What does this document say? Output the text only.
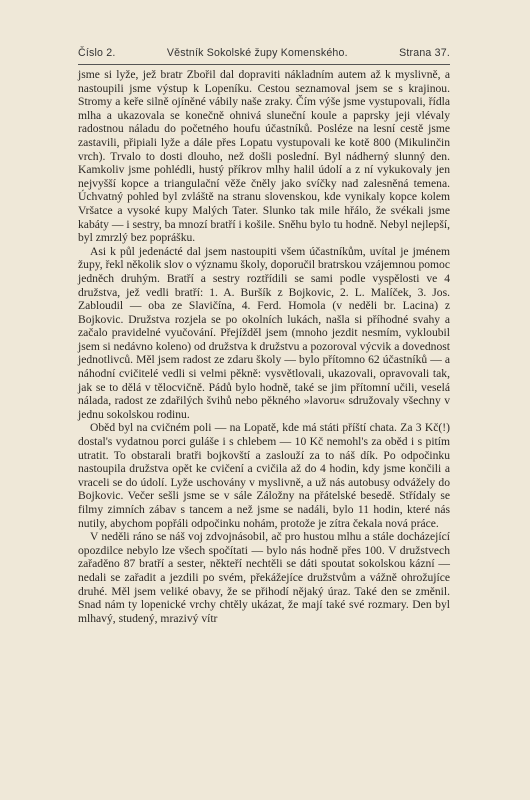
Číslo 2.	Věstník Sokolské župy Komenského.	Strana 37.

jsme si lyže, jež bratr Zbořil dal dopraviti nákladním autem až k myslivně, a nastoupili jsme výstup k Lopeníku. Cestou seznamoval jsem se s krajinou. Stromy a keře silně ojíněné vábily naše zraky. Čím výše jsme vystupovali, řídla mlha a ukazovala se konečně ohnivá sluneční koule a paprsky jeji vlévaly radostnou náladu do početného houfu účastníků. Posléze na lesní cestě jsme zastavili, připiali lyže a dále přes Lopatu vystupovali ke kotě 800 (Mikulinčin vrch). Trvalo to dosti dlouho, než došli poslední. Byl nádherný slunný den. Kamkoliv jsme pohlédli, hustý příkrov mlhy halil údolí a z ní vykukovaly jen nejvyšší kopce a triangulační věže čněly jako svíčky nad zalesněná temena. Úchvatný pohled byl zvláště na stranu slovenskou, kde vynikaly kopce kolem Vršatce a vysoké kupy Malých Tater. Slunko tak mile hřálo, že svékali jsme kabáty — i sestry, ba mnozí bratří i košile. Sněhu bylo tu hodně. Nebyl nejlepší, byl zmrzlý bez poprášku.

Asi k půl jedenácté dal jsem nastoupiti všem účastníkům, uvítal je jménem župy, řekl několik slov o významu školy, doporučil bratrskou vzájemnou pomoc jedněch druhým. Bratří a sestry roztřídili se sami podle vyspělosti ve 4 družstva, jež vedli bratří: 1. A. Buršík z Bojkovic, 2. L. Malíček, 3. Jos. Zabloudil — oba ze Slavičína, 4. Ferd. Homola (v neděli br. Lacina) z Bojkovic. Družstva rozjela se po okolních lukách, našla si příhodné svahy a začalo pravidelné vyučování. Přejížděl jsem (mnoho jezdit nesmím, vykloubil jsem si nedávno koleno) od družstva k družstvu a pozoroval výcvik a dovednost jednotlivců. Měl jsem radost ze zdaru školy — bylo přítomno 62 účastníků — a náhodní cvičitelé vedli si velmi pěkně: vysvětlovali, ukazovali, opravovali tak, jak se to dělá v tělocvičně. Pádů bylo hodně, také se jim přítomní učili, veselá nálada, radost ze zdařilých švihů nebo pěkného »lavoru« sdružovaly všechny v jednu sokolskou rodinu.

Oběd byl na cvičném poli — na Lopatě, kde má státi příští chata. Za 3 Kč(!) dostal's vydatnou porci guláše i s chlebem — 10 Kč nemohl's za oběd i s pitím utratit. To obstarali bratři bojkovští a zaslouží za to náš dík. Po odpočinku nastoupila družstva opět ke cvičení a cvičila až do 4 hodin, kdy jsme končili a vraceli se do údolí. Lyže uschovány v myslivně, a už nás autobusy odvážely do Bojkovic. Večer sešli jsme se v sále Záložny na přátelské besedě. Střídaly se filmy zimních zábav s tancem a než jsme se nadáli, bylo 11 hodin, které nás nutily, abychom popřáli odpočinku nohám, protože je zítra čekala nová práce.

V neděli ráno se náš voj zdvojnásobil, ač pro hustou mlhu a stále docházející opozdilce nebylo lze všech spočítati — bylo nás hodně přes 100. V družstvech zařaděno 87 bratří a sester, někteří nechtěli se dáti spoutat sokolskou kázní — nedali se zařadit a jezdili po svém, překážejíce družstvům a vážně ohrožujíce druhé. Měl jsem veliké obavy, že se přihodí nějaký úraz. Také den se změnil. Snad nám ty lopenické vrchy chtěly ukázat, že mají také své rozmary. Den byl mlhavý, studený, mrazivý vítr
